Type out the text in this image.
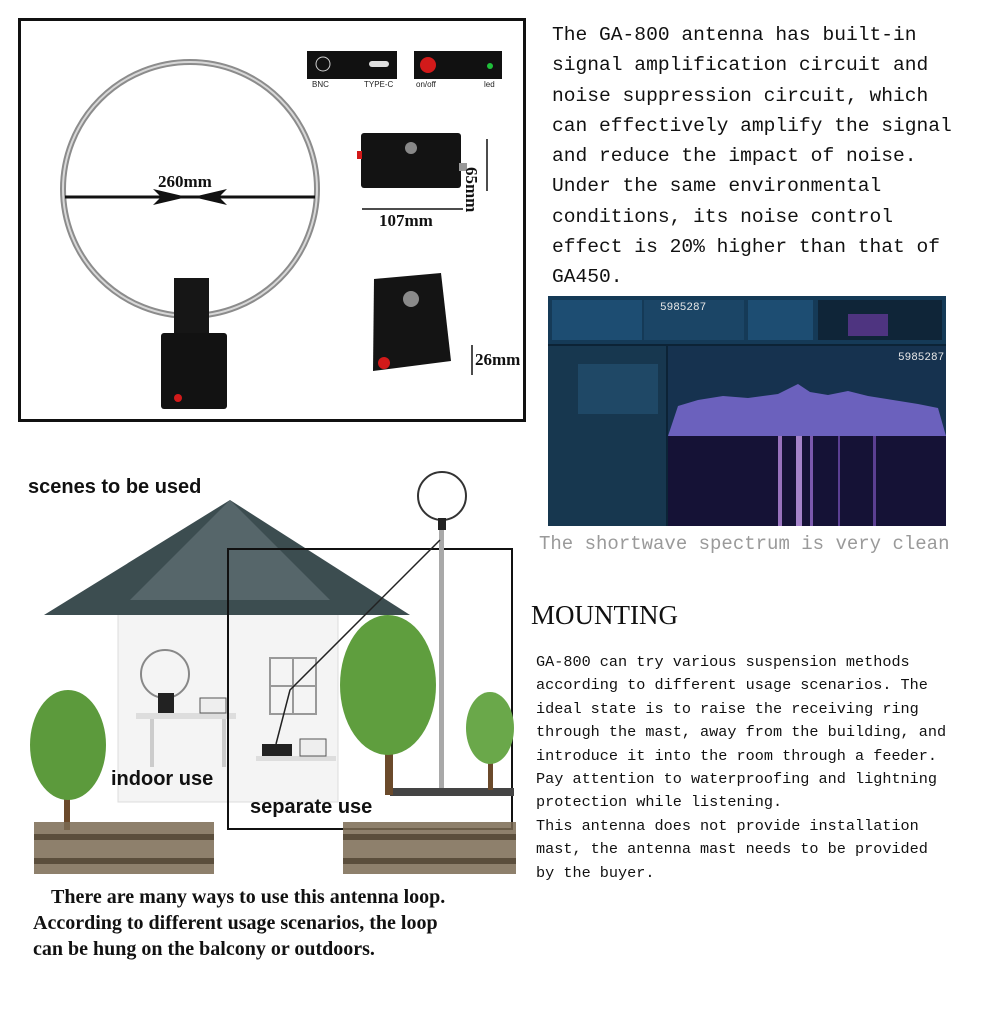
260mm
107mm
65mm
26mm
BNC	TYPE-C	on/off	led

The GA-800 antenna has built-in
signal amplification circuit and
noise suppression circuit, which
can effectively amplify the signal
and reduce the impact of noise.
Under the same environmental
conditions, its noise control
effect is 20% higher than that of
GA450.

5985287
5985287
The shortwave spectrum is very clean
MOUNTING
GA-800 can try various suspension methods
according to different usage scenarios. The
ideal state is to raise the receiving ring
through the mast, away from the building, and
introduce it into the room through a feeder.
Pay attention to waterproofing and lightning
protection while listening.
This antenna does not provide installation
mast, the antenna mast needs to be provided
by the buyer.
indoor use
separate use
scenes to be used
There are many ways to use this antenna loop.
According to different usage scenarios, the loop
can be hung on the balcony or outdoors.
